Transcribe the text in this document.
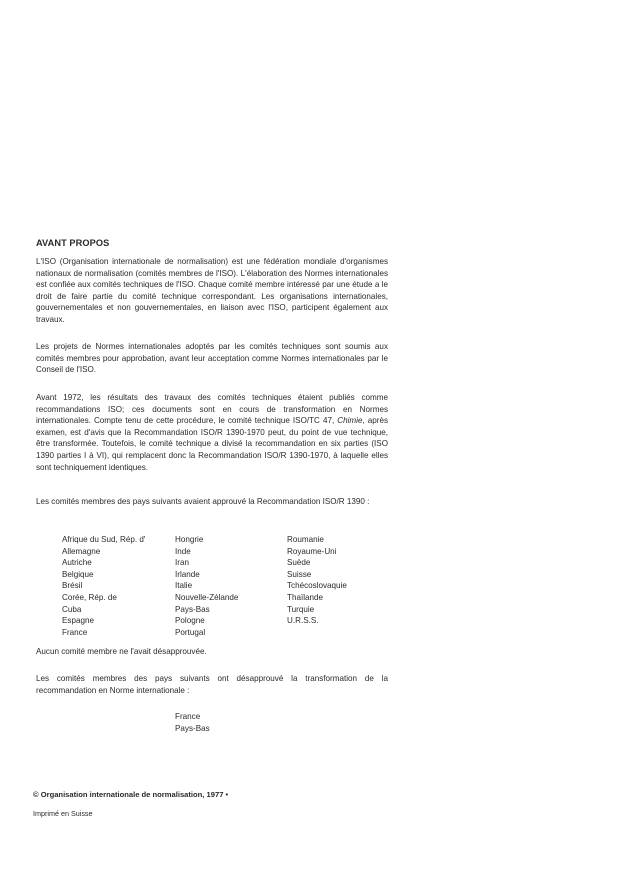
AVANT PROPOS

L'ISO (Organisation internationale de normalisation) est une fédération mondiale d'organismes nationaux de normalisation (comités membres de l'ISO). L'élaboration des Normes internationales est confiée aux comités techniques de l'ISO. Chaque comité membre intéressé par une étude a le droit de faire partie du comité technique correspondant. Les organisations internationales, gouvernementales et non gouvernementales, en liaison avec l'ISO, participent également aux travaux.

Les projets de Normes internationales adoptés par les comités techniques sont soumis aux comités membres pour approbation, avant leur acceptation comme Normes internationales par le Conseil de l'ISO.

Avant 1972, les résultats des travaux des comités techniques étaient publiés comme recommandations ISO; ces documents sont en cours de transformation en Normes internationales. Compte tenu de cette procédure, le comité technique ISO/TC 47, Chimie, après examen, est d'avis que la Recommandation ISO/R 1390-1970 peut, du point de vue technique, être transformée. Toutefois, le comité technique a divisé la recommandation en six parties (ISO 1390 parties I à VI), qui remplacent donc la Recommandation ISO/R 1390-1970, à laquelle elles sont techniquement identiques.

Les comités membres des pays suivants avaient approuvé la Recommandation ISO/R 1390 :

Afrique du Sud, Rép. d'
Allemagne
Autriche
Belgique
Brésil
Corée, Rép. de
Cuba
Espagne
France
Hongrie
Inde
Iran
Irlande
Italie
Nouvelle-Zélande
Pays-Bas
Pologne
Portugal
Roumanie
Royaume-Uni
Suède
Suisse
Tchécoslovaquie
Thaïlande
Turquie
U.R.S.S.

Aucun comité membre ne l'avait désapprouvée.

Les comités membres des pays suivants ont désapprouvé la transformation de la recommandation en Norme internationale :

France
Pays-Bas
© Organisation internationale de normalisation, 1977 •
Imprimé en Suisse
